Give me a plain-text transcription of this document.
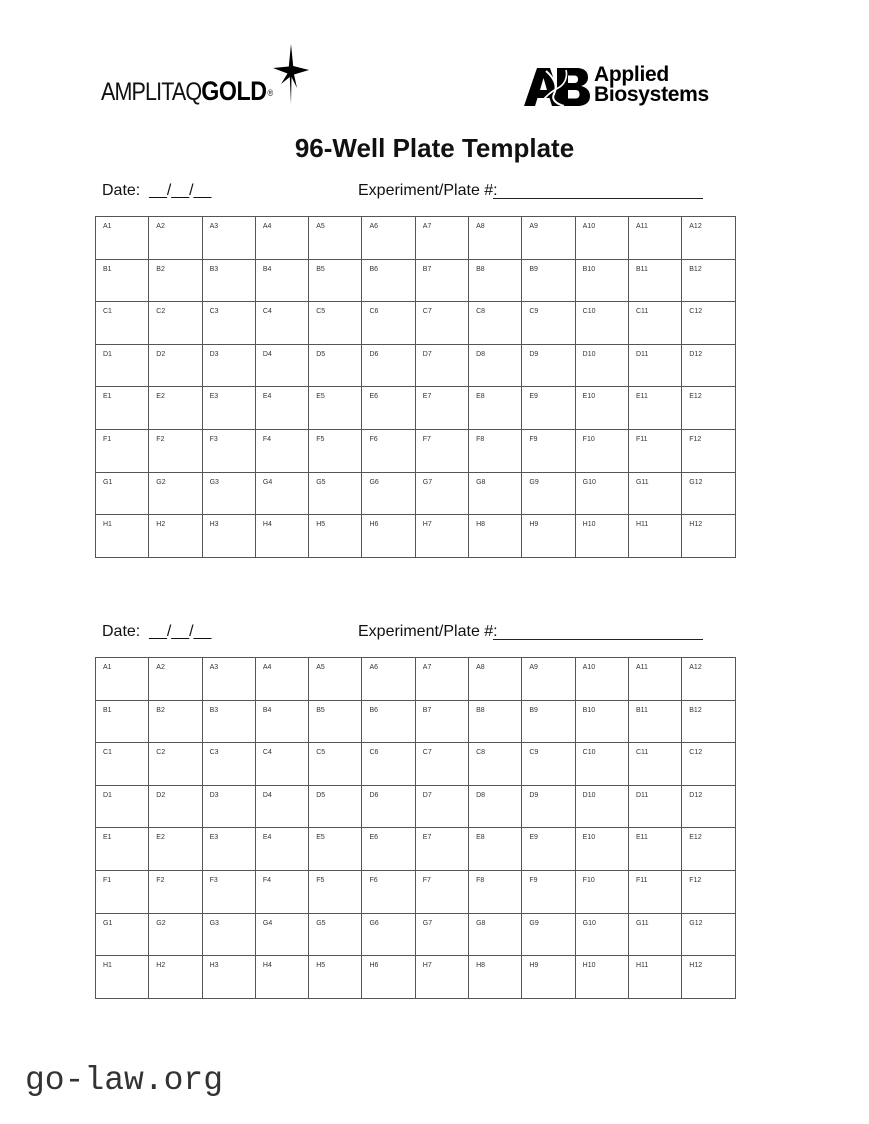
AMPLITAQGOLD®
Applied
Biosystems
96-Well Plate Template
Date:  __/__/__	Experiment/Plate #:
A1	A2	A3	A4	A5	A6	A7	A8	A9	A10	A11	A12

B1	B2	B3	B4	B5	B6	B7	B8	B9	B10	B11	B12

C1	C2	C3	C4	C5	C6	C7	C8	C9	C10	C11	C12

D1	D2	D3	D4	D5	D6	D7	D8	D9	D10	D11	D12

E1	E2	E3	E4	E5	E6	E7	E8	E9	E10	E11	E12

F1	F2	F3	F4	F5	F6	F7	F8	F9	F10	F11	F12

G1	G2	G3	G4	G5	G6	G7	G8	G9	G10	G11	G12

H1	H2	H3	H4	H5	H6	H7	H8	H9	H10	H11	H12
Date:  __/__/__	Experiment/Plate #:
A1	A2	A3	A4	A5	A6	A7	A8	A9	A10	A11	A12

B1	B2	B3	B4	B5	B6	B7	B8	B9	B10	B11	B12

C1	C2	C3	C4	C5	C6	C7	C8	C9	C10	C11	C12

D1	D2	D3	D4	D5	D6	D7	D8	D9	D10	D11	D12

E1	E2	E3	E4	E5	E6	E7	E8	E9	E10	E11	E12

F1	F2	F3	F4	F5	F6	F7	F8	F9	F10	F11	F12

G1	G2	G3	G4	G5	G6	G7	G8	G9	G10	G11	G12

H1	H2	H3	H4	H5	H6	H7	H8	H9	H10	H11	H12
go-law.org
